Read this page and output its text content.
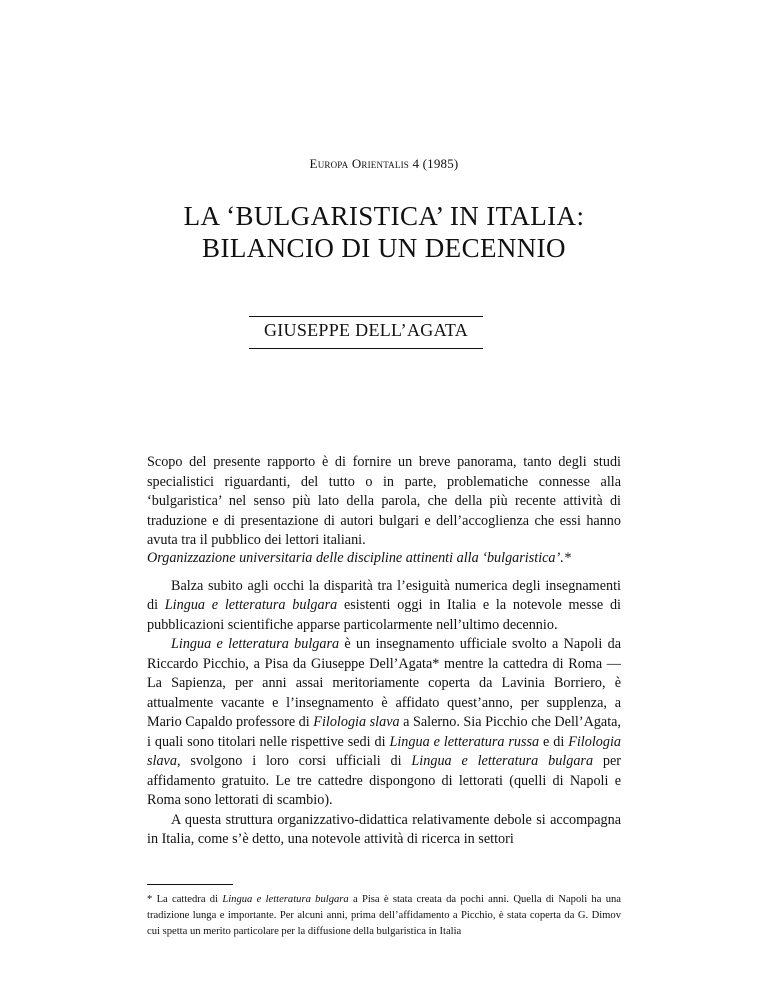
Europa Orientalis 4 (1985)
LA ‘BULGARISTICA’ IN ITALIA:
BILANCIO DI UN DECENNIO
GIUSEPPE DELL’AGATA
Scopo del presente rapporto è di fornire un breve panorama, tanto degli studi specialistici riguardanti, del tutto o in parte, problematiche connesse alla ‘bulgaristica’ nel senso più lato della parola, che della più recente attività di traduzione e di presentazione di autori bulgari e dell’accoglienza che essi hanno avuta tra il pubblico dei lettori italiani.
Organizzazione universitaria delle discipline attinenti alla ‘bulgaristica’.*

Balza subito agli occhi la disparità tra l’esiguità numerica degli insegnamenti di Lingua e letteratura bulgara esistenti oggi in Italia e la notevole messe di pubblicazioni scientifiche apparse particolarmente nell’ultimo decennio.

Lingua e letteratura bulgara è un insegnamento ufficiale svolto a Napoli da Riccardo Picchio, a Pisa da Giuseppe Dell’Agata* mentre la cattedra di Roma — La Sapienza, per anni assai meritoriamente coperta da Lavinia Borriero, è attualmente vacante e l’insegnamento è affidato quest’anno, per supplenza, a Mario Capaldo professore di Filologia slava a Salerno. Sia Picchio che Dell’Agata, i quali sono titolari nelle rispettive sedi di Lingua e letteratura russa e di Filologia slava, svolgono i loro corsi ufficiali di Lingua e letteratura bulgara per affidamento gratuito. Le tre cattedre dispongono di lettorati (quelli di Napoli e Roma sono lettorati di scambio).

A questa struttura organizzativo-didattica relativamente debole si accompagna in Italia, come s’è detto, una notevole attività di ricerca in settori

* La cattedra di Lingua e letteratura bulgara a Pisa è stata creata da pochi anni. Quella di Napoli ha una tradizione lunga e importante. Per alcuni anni, prima dell’affidamento a Picchio, è stata coperta da G. Dimov cui spetta un merito particolare per la diffusione della bulgaristica in Italia
